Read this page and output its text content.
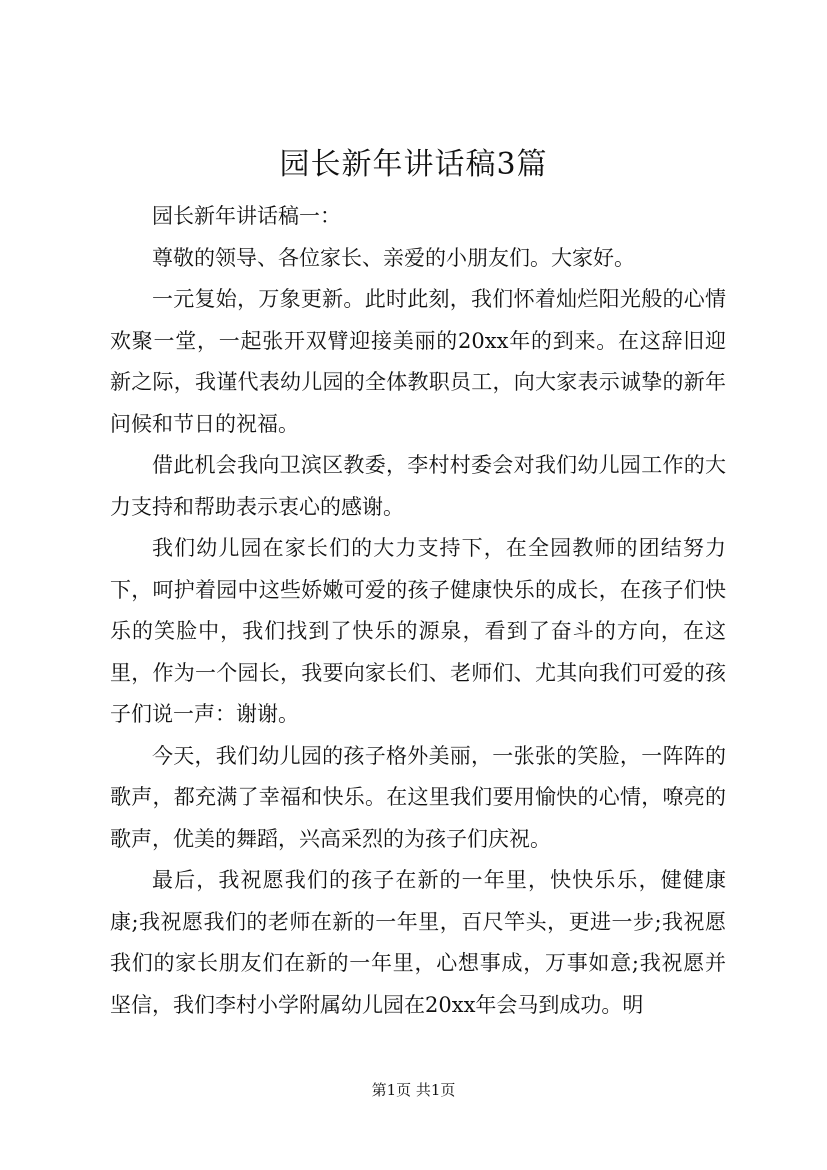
园长新年讲话稿3篇

园长新年讲话稿一：

尊敬的领导、各位家长、亲爱的小朋友们。大家好。

一元复始，万象更新。此时此刻，我们怀着灿烂阳光般的心情欢聚一堂，一起张开双臂迎接美丽的20xx年的到来。在这辞旧迎新之际，我谨代表幼儿园的全体教职员工，向大家表示诚挚的新年问候和节日的祝福。

借此机会我向卫滨区教委，李村村委会对我们幼儿园工作的大力支持和帮助表示衷心的感谢。

我们幼儿园在家长们的大力支持下，在全园教师的团结努力下，呵护着园中这些娇嫩可爱的孩子健康快乐的成长，在孩子们快乐的笑脸中，我们找到了快乐的源泉，看到了奋斗的方向，在这里，作为一个园长，我要向家长们、老师们、尤其向我们可爱的孩子们说一声：谢谢。

今天，我们幼儿园的孩子格外美丽，一张张的笑脸，一阵阵的歌声，都充满了幸福和快乐。在这里我们要用愉快的心情，嘹亮的歌声，优美的舞蹈，兴高采烈的为孩子们庆祝。

最后，我祝愿我们的孩子在新的一年里，快快乐乐，健健康康;我祝愿我们的老师在新的一年里，百尺竿头，更进一步;我祝愿我们的家长朋友们在新的一年里，心想事成，万事如意;我祝愿并坚信，我们李村小学附属幼儿园在20xx年会马到成功。明

第1页 共1页
